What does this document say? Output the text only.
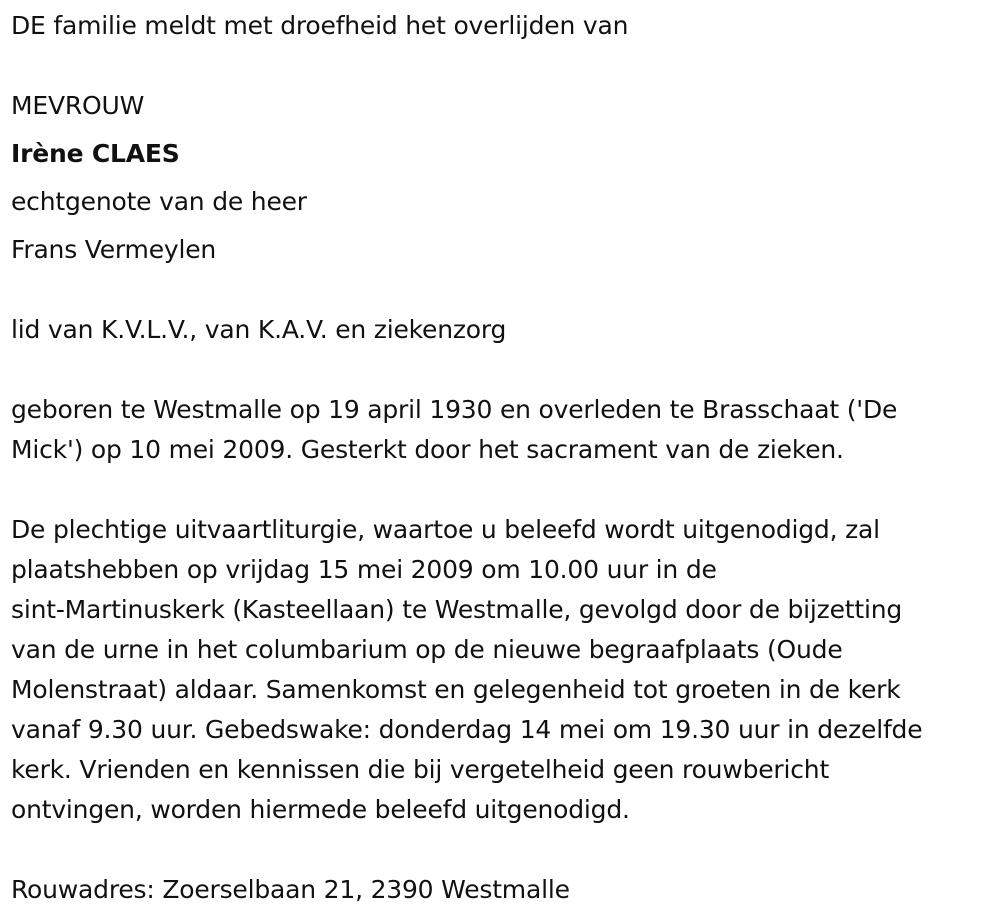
DE familie meldt met droefheid het overlijden van
MEVROUW
Irène CLAES
echtgenote van de heer
Frans Vermeylen
lid van K.V.L.V., van K.A.V. en ziekenzorg
geboren te Westmalle op 19 april 1930 en overleden te Brasschaat ('De
Mick') op 10 mei 2009. Gesterkt door het sacrament van de zieken.
De plechtige uitvaartliturgie, waartoe u beleefd wordt uitgenodigd, zal
plaatshebben op vrijdag 15 mei 2009 om 10.00 uur in de
sint-Martinuskerk (Kasteellaan) te Westmalle, gevolgd door de bijzetting
van de urne in het columbarium op de nieuwe begraafplaats (Oude
Molenstraat) aldaar. Samenkomst en gelegenheid tot groeten in de kerk
vanaf 9.30 uur. Gebedswake: donderdag 14 mei om 19.30 uur in dezelfde
kerk. Vrienden en kennissen die bij vergetelheid geen rouwbericht
ontvingen, worden hiermede beleefd uitgenodigd.
Rouwadres: Zoerselbaan 21, 2390 Westmalle
